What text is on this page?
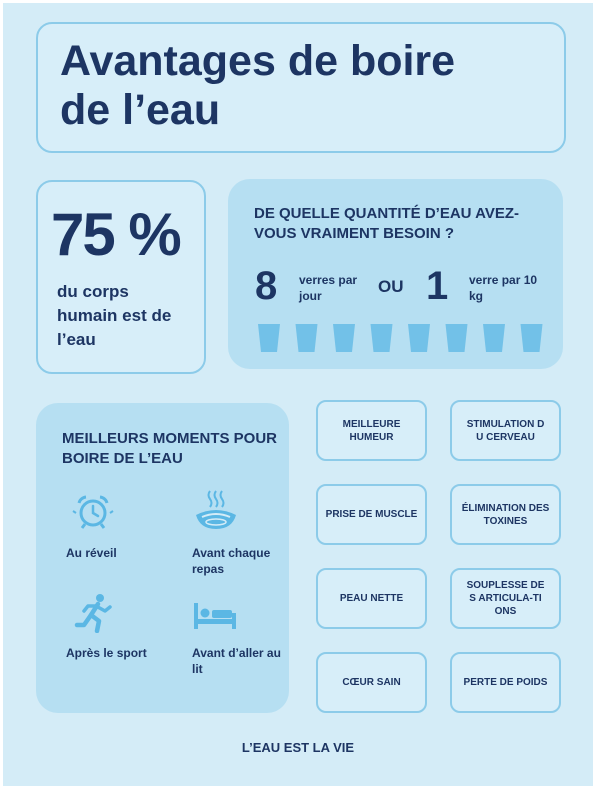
Avantages de boire
de l’eau
75 %
du corps humain est de l’eau
DE QUELLE QUANTITÉ D’EAU AVEZ-VOUS VRAIMENT BESOIN ?
8 verres par jour	OU 1 verre par 10 kg
MEILLEURS MOMENTS POUR BOIRE DE L’EAU
Au réveil	Avant chaque repas
Après le sport	Avant d’aller au lit
MEILLEURE HUMEUR
STIMULATION DU CERVEAU
PRISE DE MUSCLE
ÉLIMINATION DES TOXINES
PEAU NETTE
SOUPLESSE DES ARTICULA-TIONS
CŒUR SAIN	PERTE DE POIDS
L’EAU EST LA VIE
